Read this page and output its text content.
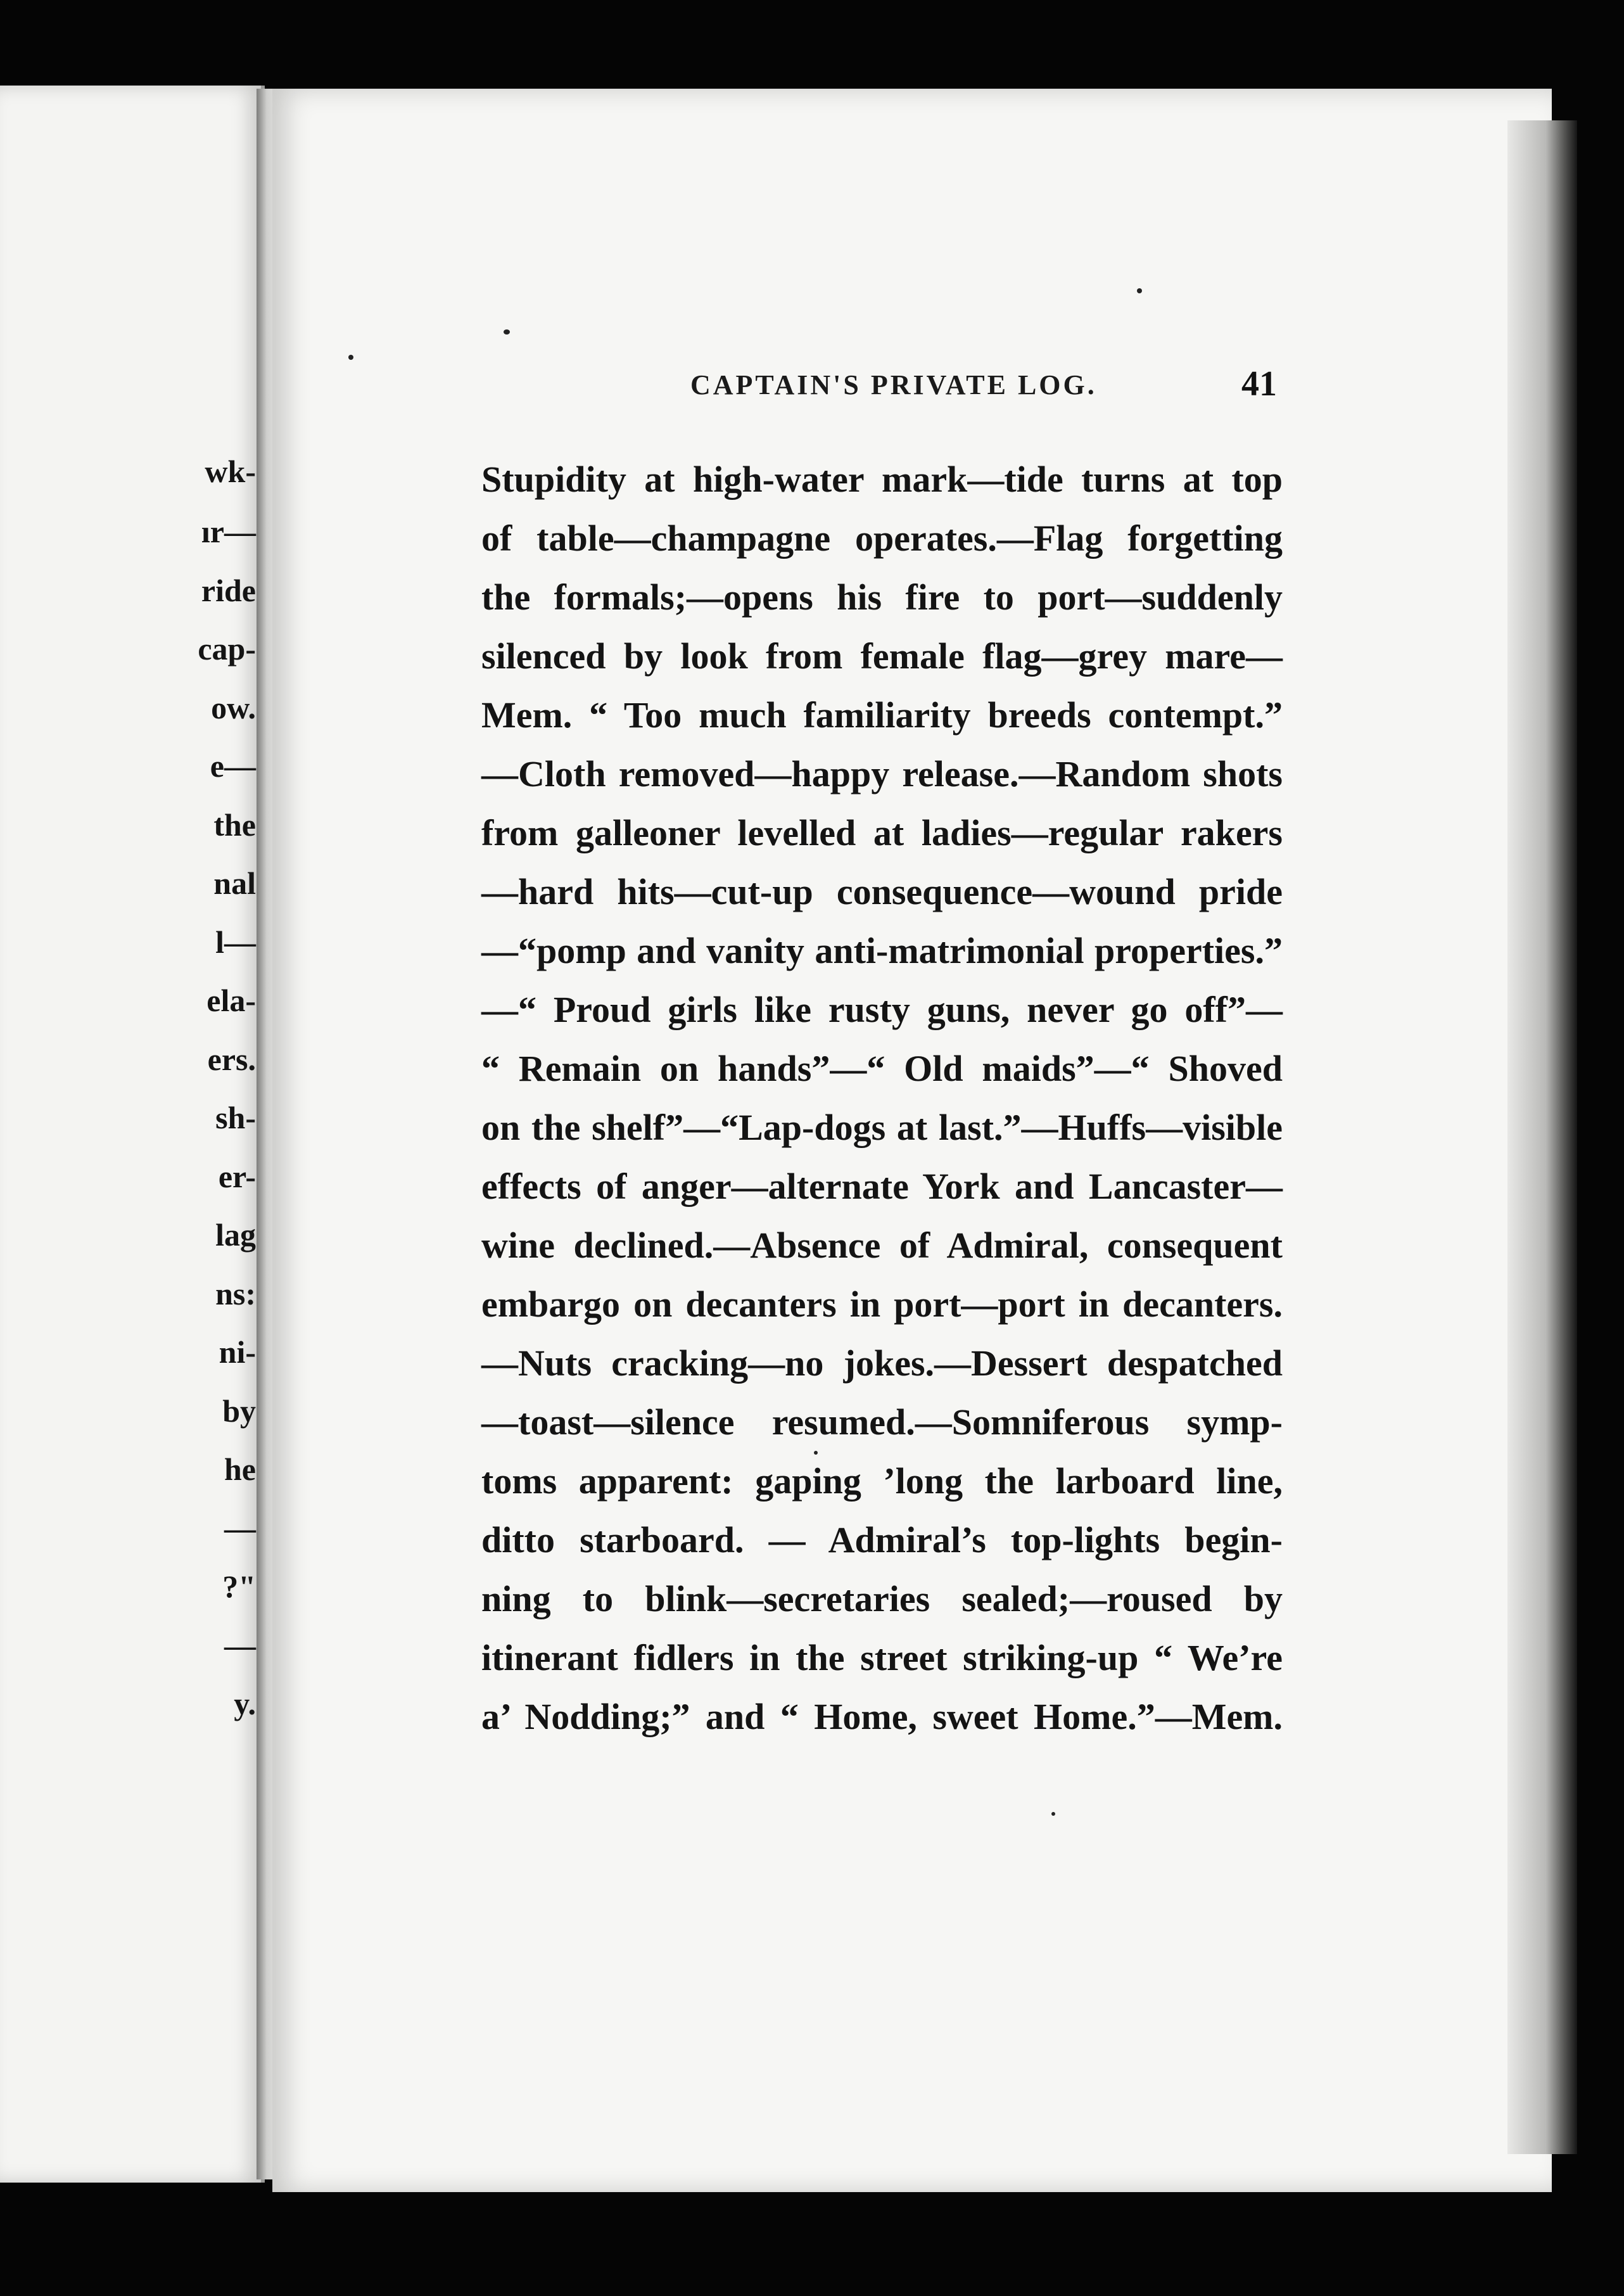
wk-
ır—
ride
cap-
ow.
e—
the
nal
l—
ela-
ers.
sh-
er-
lag
ns:
ni-
by
he
—
?"
—
y.
CAPTAIN'S PRIVATE LOG.	41
Stupidity at high-water mark—tide turns at top
of table—champagne operates.—Flag forgetting
the formals;—opens his fire to port—suddenly
silenced by look from female flag—grey mare—
Mem. “ Too much familiarity breeds contempt.”
—Cloth removed—happy release.—Random shots
from galleoner levelled at ladies—regular rakers
—hard hits—cut-up consequence—wound pride
—“pomp and vanity anti-matrimonial properties.”
—“ Proud girls like rusty guns, never go off”—
“ Remain on hands”—“ Old maids”—“ Shoved
on the shelf”—“Lap-dogs at last.”—Huffs—visible
effects of anger—alternate York and Lancaster—
wine declined.—Absence of Admiral, consequent
embargo on decanters in port—port in decanters.
—Nuts cracking—no jokes.—Dessert despatched
—toast—silence resumed.—Somniferous symp-
toms apparent: gaping ’long the larboard line,
ditto starboard. — Admiral’s top-lights begin-
ning to blink—secretaries sealed;—roused by
itinerant fidlers in the street striking-up “ We’re
a’ Nodding;” and “ Home, sweet Home.”—Mem.
